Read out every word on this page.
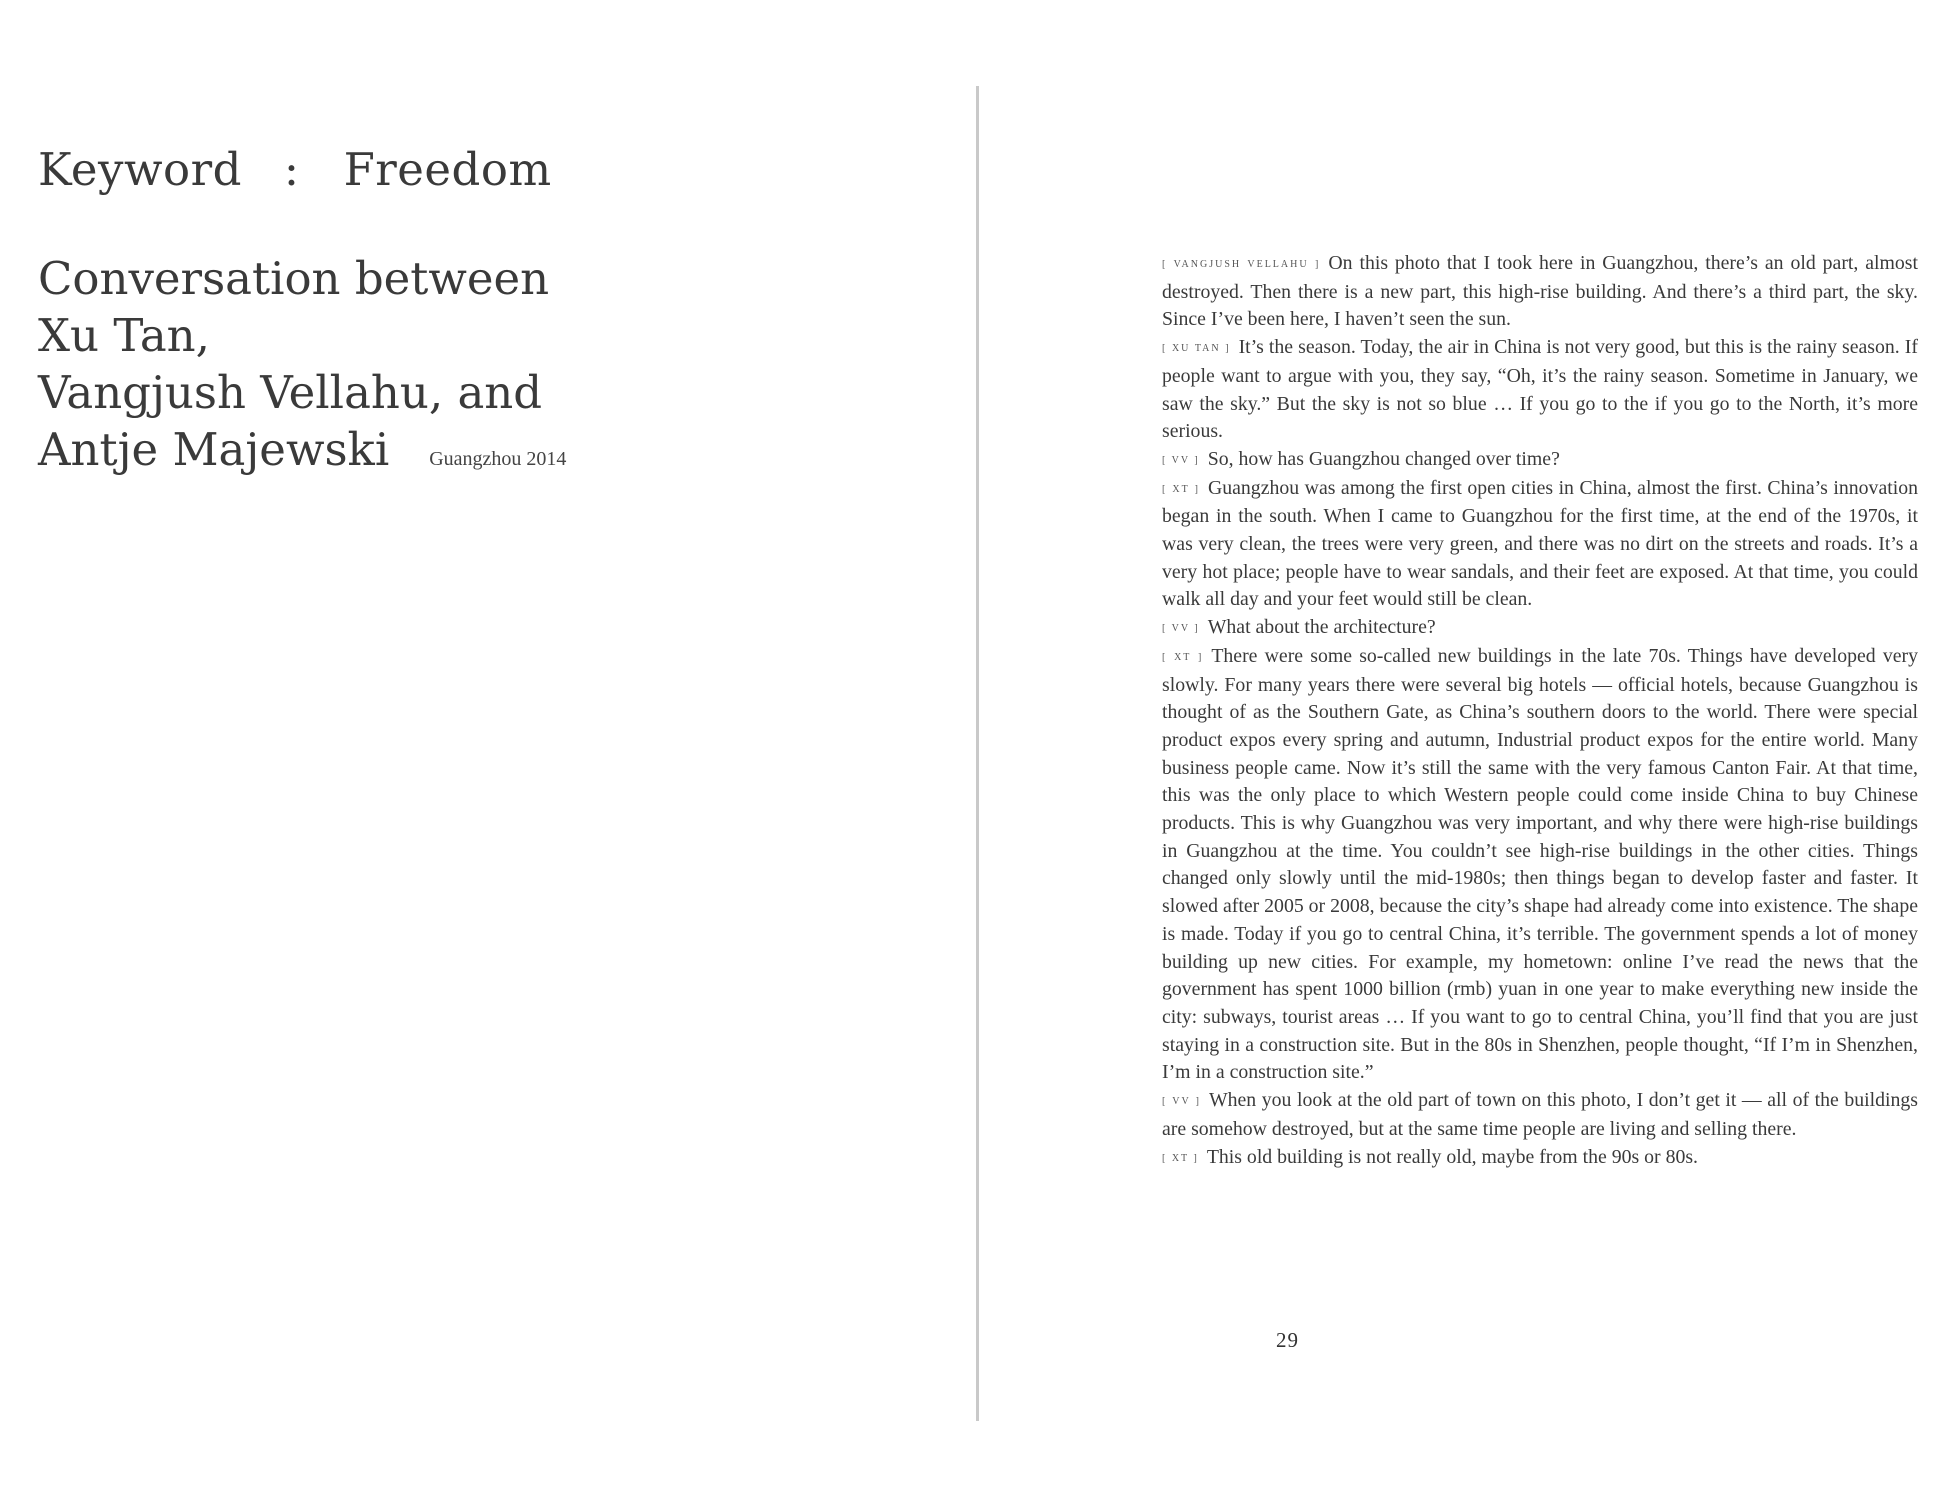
Keyword : Freedom
Conversation between
Xu Tan,
Vangjush Vellahu, and
Antje Majewski Guangzhou 2014

[ VANGJUSH VELLAHU ] On this photo that I took here in Guangzhou, there’s an old part, almost destroyed. Then there is a new part, this high-rise building. And there’s a third part, the sky. Since I’ve been here, I haven’t seen the sun.

[ XU TAN ] It’s the season. Today, the air in China is not very good, but this is the rainy season. If people want to argue with you, they say, “Oh, it’s the rainy season. Sometime in January, we saw the sky.” But the sky is not so blue … If you go to the if you go to the North, it’s more serious.

[ VV ] So, how has Guangzhou changed over time?

[ XT ] Guangzhou was among the first open cities in China, almost the first. China’s innovation began in the south. When I came to Guangzhou for the first time, at the end of the 1970s, it was very clean, the trees were very green, and there was no dirt on the streets and roads. It’s a very hot place; people have to wear sandals, and their feet are exposed. At that time, you could walk all day and your feet would still be clean.

[ VV ] What about the architecture?

[ XT ] There were some so-called new buildings in the late 70s. Things have developed very slowly. For many years there were several big hotels — official hotels, because Guangzhou is thought of as the Southern Gate, as China’s southern doors to the world. There were special product expos every spring and autumn, Industrial product expos for the entire world. Many business people came. Now it’s still the same with the very famous Canton Fair. At that time, this was the only place to which Western people could come inside China to buy Chinese products. This is why Guangzhou was very important, and why there were high-rise buildings in Guangzhou at the time. You couldn’t see high-rise buildings in the other cities. Things changed only slowly until the mid-1980s; then things began to develop faster and faster. It slowed after 2005 or 2008, because the city’s shape had already come into existence. The shape is made. Today if you go to central China, it’s terrible. The government spends a lot of money building up new cities. For example, my hometown: online I’ve read the news that the government has spent 1000 billion (rmb) yuan in one year to make everything new inside the city: subways, tourist areas … If you want to go to central China, you’ll find that you are just staying in a construction site. But in the 80s in Shenzhen, people thought, “If I’m in Shenzhen, I’m in a construction site.”

[ VV ] When you look at the old part of town on this photo, I don’t get it — all of the buildings are somehow destroyed, but at the same time people are living and selling there.

[ XT ] This old building is not really old, maybe from the 90s or 80s.

29
